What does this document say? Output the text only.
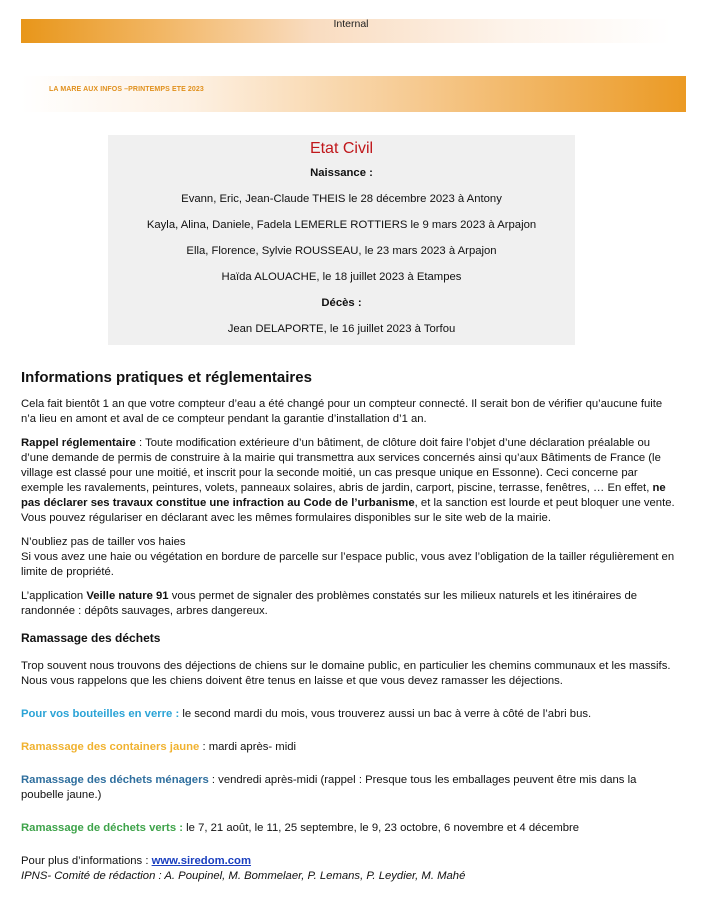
Internal
LA MARE AUX INFOS –PRINTEMPS ETE 2023
Etat Civil
Naissance :
Evann, Eric, Jean-Claude THEIS le 28 décembre 2023 à Antony
Kayla, Alina, Daniele, Fadela LEMERLE ROTTIERS le 9 mars 2023 à Arpajon
Ella, Florence, Sylvie ROUSSEAU, le 23 mars 2023 à Arpajon
Haïda ALOUACHE, le 18 juillet 2023 à Etampes
Décès :
Jean DELAPORTE, le 16 juillet 2023 à Torfou
Informations pratiques et réglementaires

Cela fait bientôt 1 an que votre compteur d’eau a été changé pour un compteur connecté. Il serait bon de vérifier qu’aucune fuite n’a lieu en amont et aval de ce compteur pendant la garantie d’installation d’1 an.

Rappel réglementaire : Toute modification extérieure d’un bâtiment, de clôture doit faire l’objet d’une déclaration préalable ou d’une demande de permis de construire à la mairie qui transmettra aux services concernés ainsi qu’aux Bâtiments de France (le village est classé pour une moitié, et inscrit pour la seconde moitié, un cas presque unique en Essonne). Ceci concerne par exemple les ravalements, peintures, volets, panneaux solaires, abris de jardin, carport, piscine, terrasse, fenêtres, … En effet, ne pas déclarer ses travaux constitue une infraction au Code de l’urbanisme, et la sanction est lourde et peut bloquer une vente. Vous pouvez régulariser en déclarant avec les mêmes formulaires disponibles sur le site web de la mairie.

N’oubliez pas de tailler vos haies
Si vous avez une haie ou végétation en bordure de parcelle sur l’espace public, vous avez l’obligation de la tailler régulièrement en limite de propriété.

L’application Veille nature 91 vous permet de signaler des problèmes constatés sur les milieux naturels et les itinéraires de randonnée : dépôts sauvages, arbres dangereux.

Ramassage des déchets

Trop souvent nous trouvons des déjections de chiens sur le domaine public, en particulier les chemins communaux et les massifs. Nous vous rappelons que les chiens doivent être tenus en laisse et que vous devez ramasser les déjections.

Pour vos bouteilles en verre : le second mardi du mois, vous trouverez aussi un bac à verre à côté de l’abri bus.

Ramassage des containers jaune : mardi après- midi

Ramassage des déchets ménagers : vendredi après-midi (rappel : Presque tous les emballages peuvent être mis dans la poubelle jaune.)

Ramassage de déchets verts : le 7, 21 août, le 11, 25 septembre, le 9, 23 octobre, 6 novembre et 4 décembre

Pour plus d’informations : www.siredom.com
IPNS- Comité de rédaction : A. Poupinel, M. Bommelaer, P. Lemans, P. Leydier, M. Mahé
